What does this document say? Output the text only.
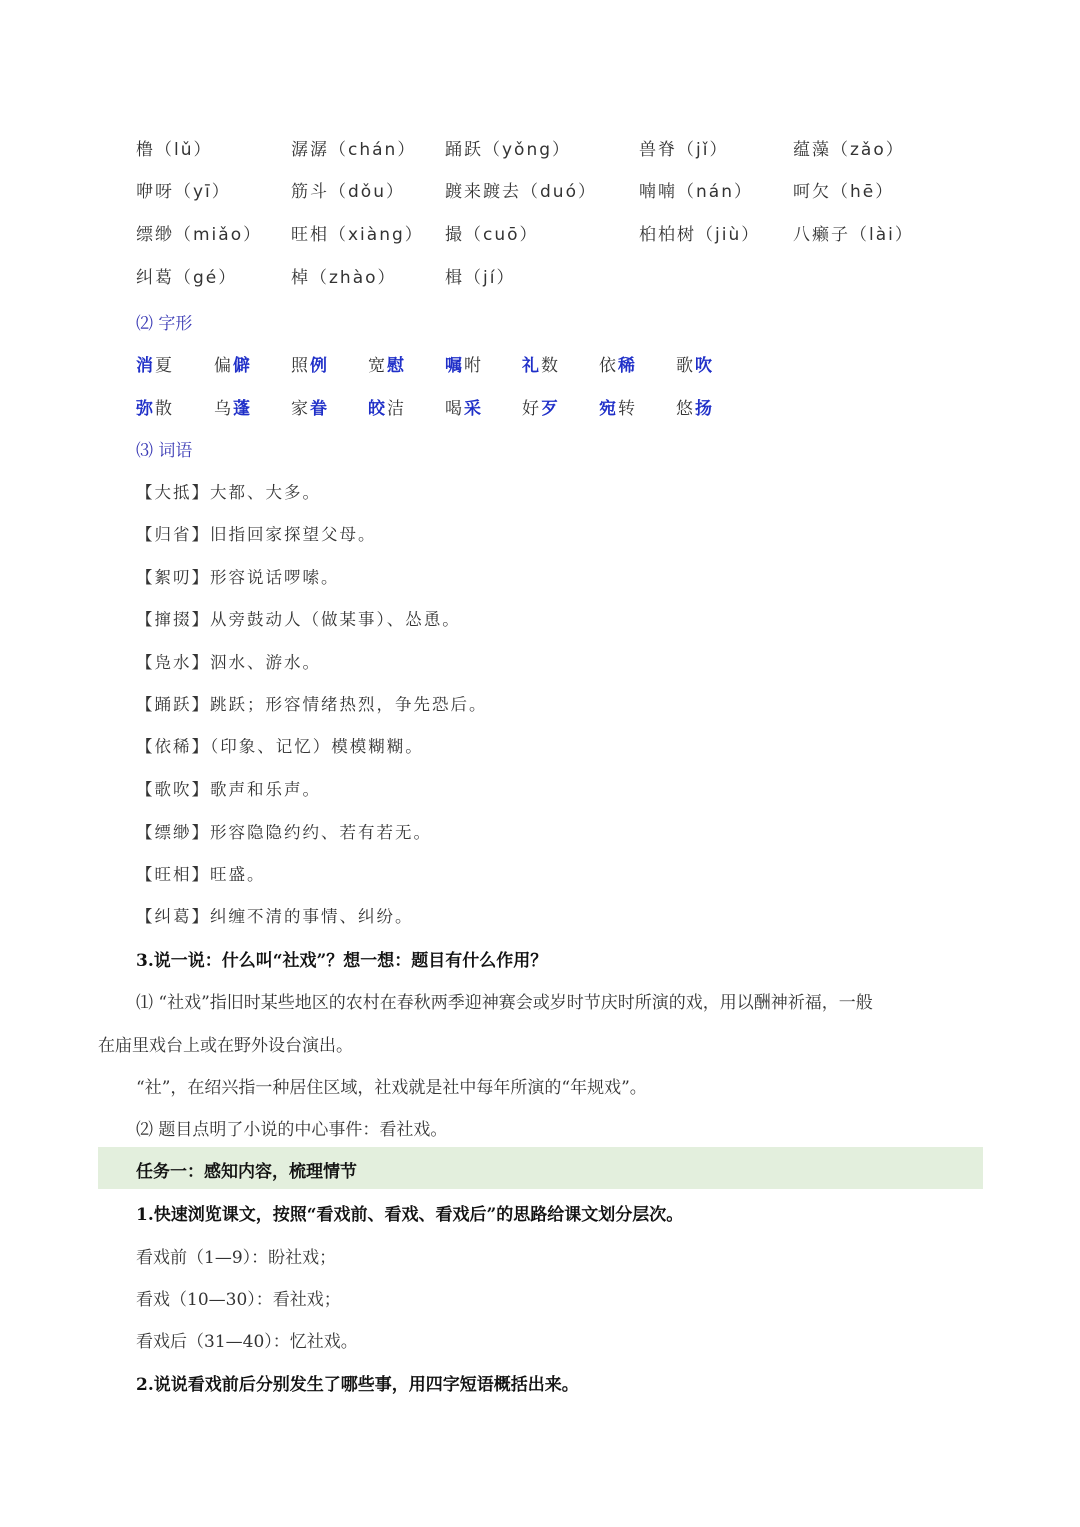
橹（lǔ）	潺潺（chán） 踊跃（yǒng）	兽脊（jǐ）	蕴藻（zǎo）
咿呀（yī）	筋斗（dǒu） 踱来踱去（duó） 喃喃（nán） 呵欠（hē）
缥缈（miǎo） 旺相（xiàng） 撮（cuō）	桕柏树（jiù） 八癞子（lài）
纠葛（gé）	棹（zhào）	楫（jí）
⑵ 字形
消夏 偏僻 照例 宽慰 嘱咐 礼数 依稀 歌吹
弥散 乌蓬 家眷 皎洁 喝采 好歹 宛转 悠扬
⑶ 词语
【大抵】大都、大多。
【归省】旧指回家探望父母。
【絮叨】形容说话啰嗦。
【撺掇】从旁鼓动人（做某事）、怂恿。
【凫水】泅水、游水。
【踊跃】跳跃；形容情绪热烈，争先恐后。
【依稀】（印象、记忆）模模糊糊。
【歌吹】歌声和乐声。
【缥缈】形容隐隐约约、若有若无。
【旺相】旺盛。
【纠葛】纠缠不清的事情、纠纷。
3.说一说：什么叫“社戏”？想一想：题目有什么作用？
⑴ “社戏”指旧时某些地区的农村在春秋两季迎神赛会或岁时节庆时所演的戏，用以酬神祈福，一般
在庙里戏台上或在野外设台演出。
“社”，在绍兴指一种居住区域，社戏就是社中每年所演的“年规戏”。
⑵ 题目点明了小说的中心事件：看社戏。
任务一：感知内容，梳理情节
1.快速浏览课文，按照“看戏前、看戏、看戏后”的思路给课文划分层次。
看戏前（1—9）：盼社戏；
看戏（10—30）：看社戏；
看戏后（31—40）：忆社戏。
2.说说看戏前后分别发生了哪些事，用四字短语概括出来。
